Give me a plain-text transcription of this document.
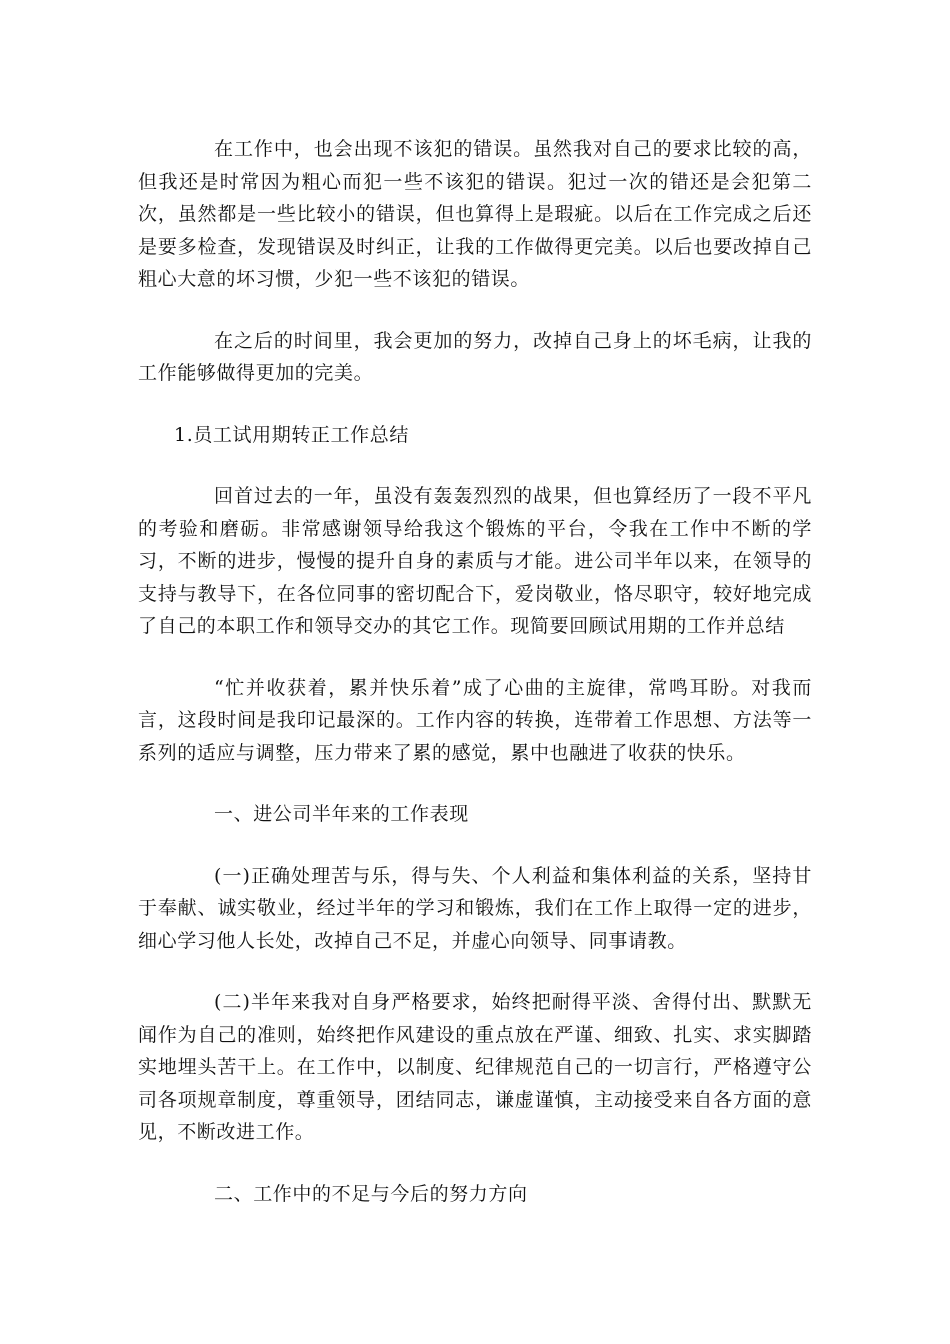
在工作中，也会出现不该犯的错误。虽然我对自己的要求比较的高，但我还是时常因为粗心而犯一些不该犯的错误。犯过一次的错还是会犯第二次，虽然都是一些比较小的错误，但也算得上是瑕疵。以后在工作完成之后还是要多检查，发现错误及时纠正，让我的工作做得更完美。以后也要改掉自己粗心大意的坏习惯，少犯一些不该犯的错误。

在之后的时间里，我会更加的努力，改掉自己身上的坏毛病，让我的工作能够做得更加的完美。

1.员工试用期转正工作总结

回首过去的一年，虽没有轰轰烈烈的战果，但也算经历了一段不平凡的考验和磨砺。非常感谢领导给我这个锻炼的平台，令我在工作中不断的学习，不断的进步，慢慢的提升自身的素质与才能。进公司半年以来，在领导的支持与教导下，在各位同事的密切配合下，爱岗敬业，恪尽职守，较好地完成了自己的本职工作和领导交办的其它工作。现简要回顾试用期的工作并总结

“忙并收获着，累并快乐着”成了心曲的主旋律，常鸣耳盼。对我而言，这段时间是我印记最深的。工作内容的转换，连带着工作思想、方法等一系列的适应与调整，压力带来了累的感觉，累中也融进了收获的快乐。

一、进公司半年来的工作表现

(一)正确处理苦与乐，得与失、个人利益和集体利益的关系，坚持甘于奉献、诚实敬业，经过半年的学习和锻炼，我们在工作上取得一定的进步，细心学习他人长处，改掉自己不足，并虚心向领导、同事请教。

(二)半年来我对自身严格要求，始终把耐得平淡、舍得付出、默默无闻作为自己的准则，始终把作风建设的重点放在严谨、细致、扎实、求实脚踏实地埋头苦干上。在工作中，以制度、纪律规范自己的一切言行，严格遵守公司各项规章制度，尊重领导，团结同志，谦虚谨慎，主动接受来自各方面的意见，不断改进工作。

二、工作中的不足与今后的努力方向
